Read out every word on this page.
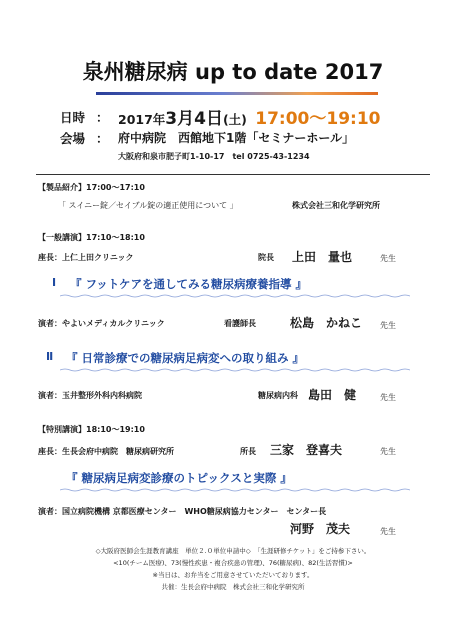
泉州糖尿病 up to date 2017
日時 ： 2017年3月4日(土) 17:00〜19:10
会場 ： 府中病院　西館地下1階「セミナーホール」
大阪府和泉市肥子町1-10-17　tel 0725-43-1234
【製品紹介】17:00〜17:10
「 スイニー錠／セイブル錠の適正使用について 」	株式会社三和化学研究所
【一般講演】17:10〜18:10
座長：上仁上田クリニック	院長 上田　量也	先生
Ⅰ 『 フットケアを通してみる糖尿病療養指導 』
演者：やよいメディカルクリニック	看護師長	松島　かねこ 先生
Ⅱ 『 日常診療での糖尿病足病変への取り組み 』
演者：玉井整形外科内科病院	糖尿病内科 島田　健	先生
【特別講演】18:10〜19:10
座長：生長会府中病院　糖尿病研究所	所長 三家　登喜夫	先生
『 糖尿病足病変診療のトピックスと実際 』
演者：国立病院機構 京都医療センター　WHO糖尿病協力センター　センター長
河野　茂夫	先生
◇大阪府医師会生涯教育講座　単位２.０単位申請中◇　「生涯研修チケット」をご持参下さい。
<10(チーム医療)、73(慢性疾患・複合疾患の管理)、76(糖尿病)、82(生活習慣)>
※当日は、お弁当をご用意させていただいております。
共催：生長会府中病院　株式会社三和化学研究所
